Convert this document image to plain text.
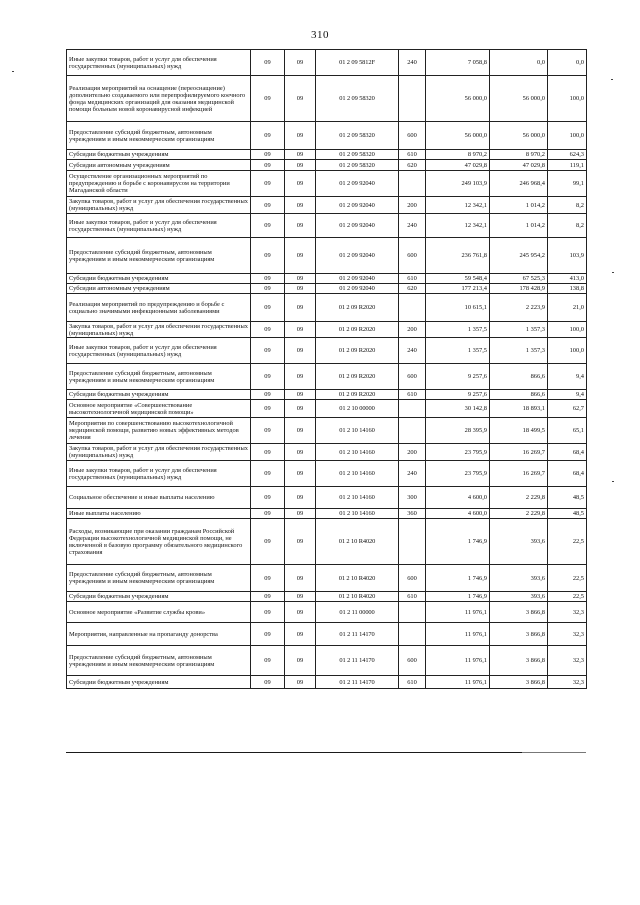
310
Иные закупки товаров, работ и услуг для обеспечения государственных (муниципальных) нужд	09	09	01 2 09 5812F	240	7 058,8	0,0	0,0
Реализация мероприятий на оснащение (переоснащение) дополнительно создаваемого или перепрофилируемого коечного фонда медицинских организаций для оказания медицинской помощи больным новой коронавирусной инфекцией	09	09	01 2 09 58320		56 000,0	56 000,0	100,0
Предоставление субсидий бюджетным, автономным учреждениям и иным некоммерческим организациям	09	09	01 2 09 58320	600	56 000,0	56 000,0	100,0
Субсидии бюджетным учреждениям	09	09	01 2 09 58320	610	8 970,2	8 970,2	624,3
Субсидии автономным учреждениям	09	09	01 2 09 58320	620	47 029,8	47 029,8	119,1
Осуществление организационных мероприятий по предупреждению и борьбе с коронавирусом на территории Магаданской области	09	09	01 2 09 92040		249 103,9	246 968,4	99,1
Закупка товаров, работ и услуг для обеспечения государственных (муниципальных) нужд	09	09	01 2 09 92040	200	12 342,1	1 014,2	8,2
Иные закупки товаров, работ и услуг для обеспечения государственных (муниципальных) нужд	09	09	01 2 09 92040	240	12 342,1	1 014,2	8,2
Предоставление субсидий бюджетным, автономным учреждениям и иным некоммерческим организациям	09	09	01 2 09 92040	600	236 761,8	245 954,2	103,9
Субсидии бюджетным учреждениям	09	09	01 2 09 92040	610	59 548,4	67 525,3	413,0
Субсидии автономным учреждениям	09	09	01 2 09 92040	620	177 213,4	178 428,9	138,8
Реализация мероприятий по предупреждению и борьбе с социально значимыми инфекционными заболеваниями	09	09	01 2 09 R2020		10 615,1	2 223,9	21,0
Закупка товаров, работ и услуг для обеспечения государственных (муниципальных) нужд	09	09	01 2 09 R2020	200	1 357,5	1 357,3	100,0
Иные закупки товаров, работ и услуг для обеспечения государственных (муниципальных) нужд	09	09	01 2 09 R2020	240	1 357,5	1 357,3	100,0
Предоставление субсидий бюджетным, автономным учреждениям и иным некоммерческим организациям	09	09	01 2 09 R2020	600	9 257,6	866,6	9,4
Субсидии бюджетным учреждениям	09	09	01 2 09 R2020	610	9 257,6	866,6	9,4
Основное мероприятие «Совершенствование высокотехнологичной медицинской помощи»	09	09	01 2 10 00000		30 142,8	18 893,1	62,7
Мероприятия по совершенствованию высокотехнологичной медицинской помощи, развитию новых эффективных методов лечения	09	09	01 2 10 14160		28 395,9	18 499,5	65,1
Закупка товаров, работ и услуг для обеспечения государственных (муниципальных) нужд	09	09	01 2 10 14160	200	23 795,9	16 269,7	68,4
Иные закупки товаров, работ и услуг для обеспечения государственных (муниципальных) нужд	09	09	01 2 10 14160	240	23 795,9	16 269,7	68,4
Социальное обеспечение и иные выплаты населению	09	09	01 2 10 14160	300	4 600,0	2 229,8	48,5
Иные выплаты населению	09	09	01 2 10 14160	360	4 600,0	2 229,8	48,5
Расходы, возникающие при оказании гражданам Российской Федерации высокотехнологичной медицинской помощи, не включенной в базовую программу обязательного медицинского страхования	09	09	01 2 10 R4020		1 746,9	393,6	22,5
Предоставление субсидий бюджетным, автономным учреждениям и иным некоммерческим организациям	09	09	01 2 10 R4020	600	1 746,9	393,6	22,5
Субсидии бюджетным учреждениям	09	09	01 2 10 R4020	610	1 746,9	393,6	22,5
Основное мероприятие «Развитие службы крови»	09	09	01 2 11 00000		11 976,1	3 866,8	32,3
Мероприятия, направленные на пропаганду донорства	09	09	01 2 11 14170		11 976,1	3 866,8	32,3
Предоставление субсидий бюджетным, автономным учреждениям и иным некоммерческим организациям	09	09	01 2 11 14170	600	11 976,1	3 866,8	32,3
Субсидии бюджетным учреждениям	09	09	01 2 11 14170	610	11 976,1	3 866,8	32,3
